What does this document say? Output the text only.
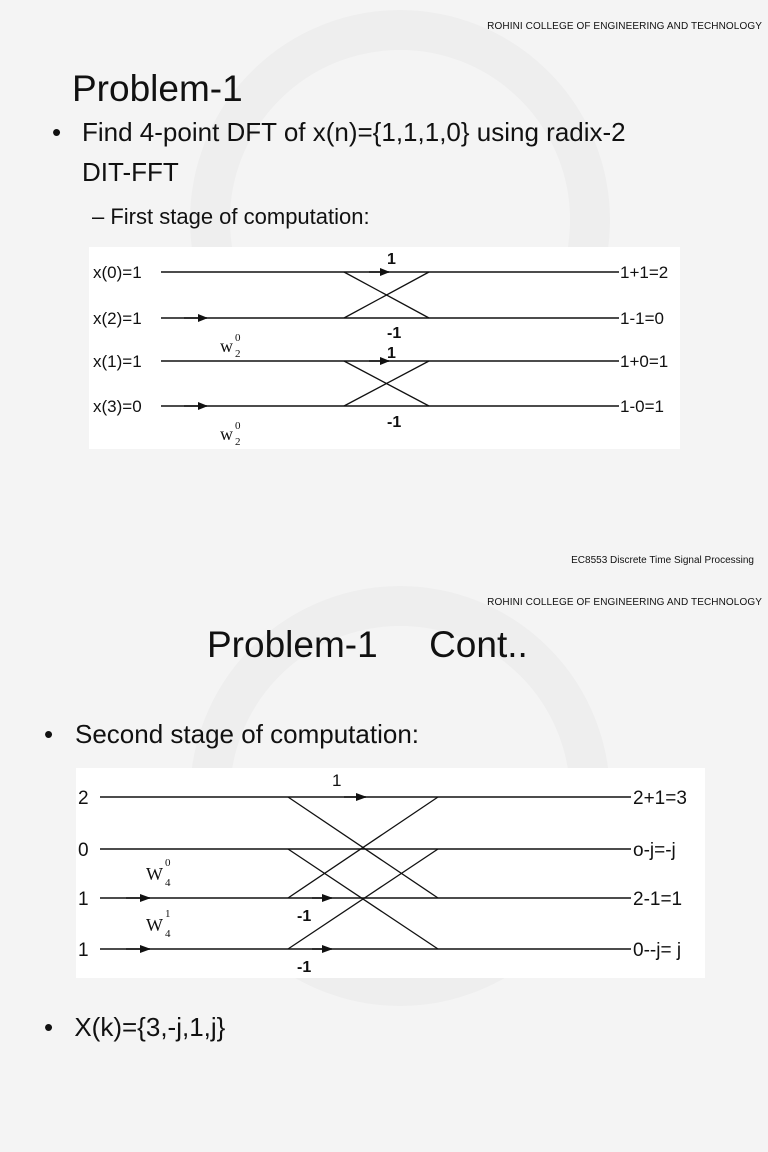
ROHINI COLLEGE OF ENGINEERING AND TECHNOLOGY
Problem-1
• Find 4-point DFT of x(n)={1,1,1,0} using radix-2
DIT-FFT
– First stage of computation:
x(0)=1
x(2)=1
x(1)=1
x(3)=0
1+1=2
1-1=0
1+0=1
1-0=1
1
-1
1
-1
w 0
2
w 0
2
EC8553 Discrete Time Signal Processing
ROHINI COLLEGE OF ENGINEERING AND TECHNOLOGY
Problem-1     Cont..
• Second stage of computation:
2
0
1
1
2+1=3
o-j=-j
2-1=1
0--j= j
1
-1
-1
W
0
4
W
1
4
• X(k)={3,-j,1,j}
